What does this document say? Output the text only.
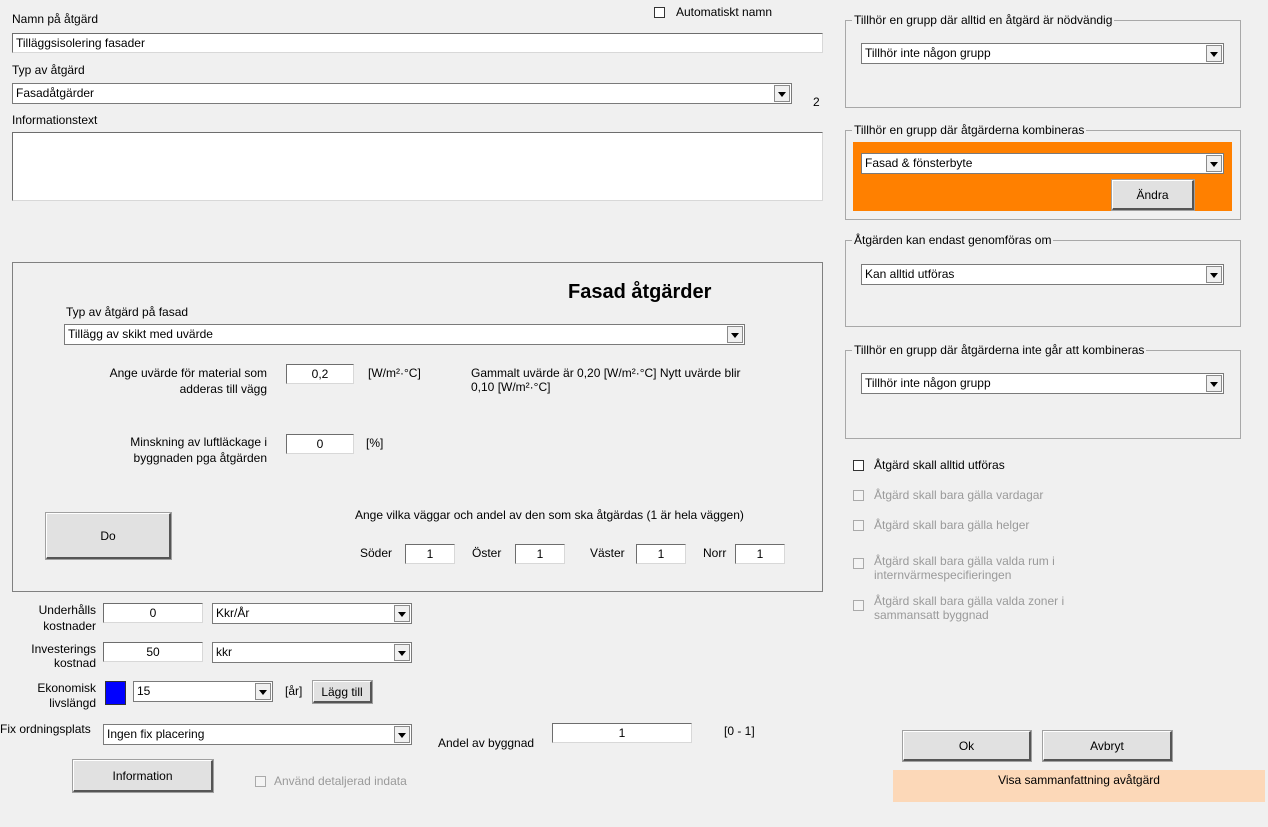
Namn på åtgärd
Tilläggsisolering fasader
Automatiskt namn
Typ av åtgärd
Fasadåtgärder
2
Informationstext
Fasad åtgärder
Typ av åtgärd på fasad
Tillägg av skikt med uvärde
Ange uvärde för material som
adderas till vägg
0,2	[W/m²·°C]	Gammalt uvärde är 0,20 [W/m²·°C] Nytt uvärde blir
0,10 [W/m²·°C]
Minskning av luftläckage i
byggnaden pga åtgärden
0	[%]
Ange vilka väggar och andel av den som ska åtgärdas (1 är hela väggen)
Do
Söder	1	Öster	1	Väster	1	Norr	1
Underhålls
kostnader
0	Kkr/År
Investerings
kostnad
50	kkr
Ekonomisk
livslängd
15	[år]	Lägg till
Fix ordningsplats Ingen fix placering
Andel av byggnad
1	[0 - 1]
Information	Använd detaljerad indata
Tillhör en grupp där alltid en åtgärd är nödvändig
Tillhör inte någon grupp
Tillhör en grupp där åtgärderna kombineras
Fasad & fönsterbyte
Ändra
Åtgärden kan endast genomföras om
Kan alltid utföras
Tillhör en grupp där åtgärderna inte går att kombineras
Tillhör inte någon grupp
Åtgärd skall alltid utföras
Åtgärd skall bara gälla vardagar
Åtgärd skall bara gälla helger
Åtgärd skall bara gälla valda rum i
internvärmespecifieringen
Åtgärd skall bara gälla valda zoner i
sammansatt byggnad
Ok	Avbryt
Visa sammanfattning avåtgärd
